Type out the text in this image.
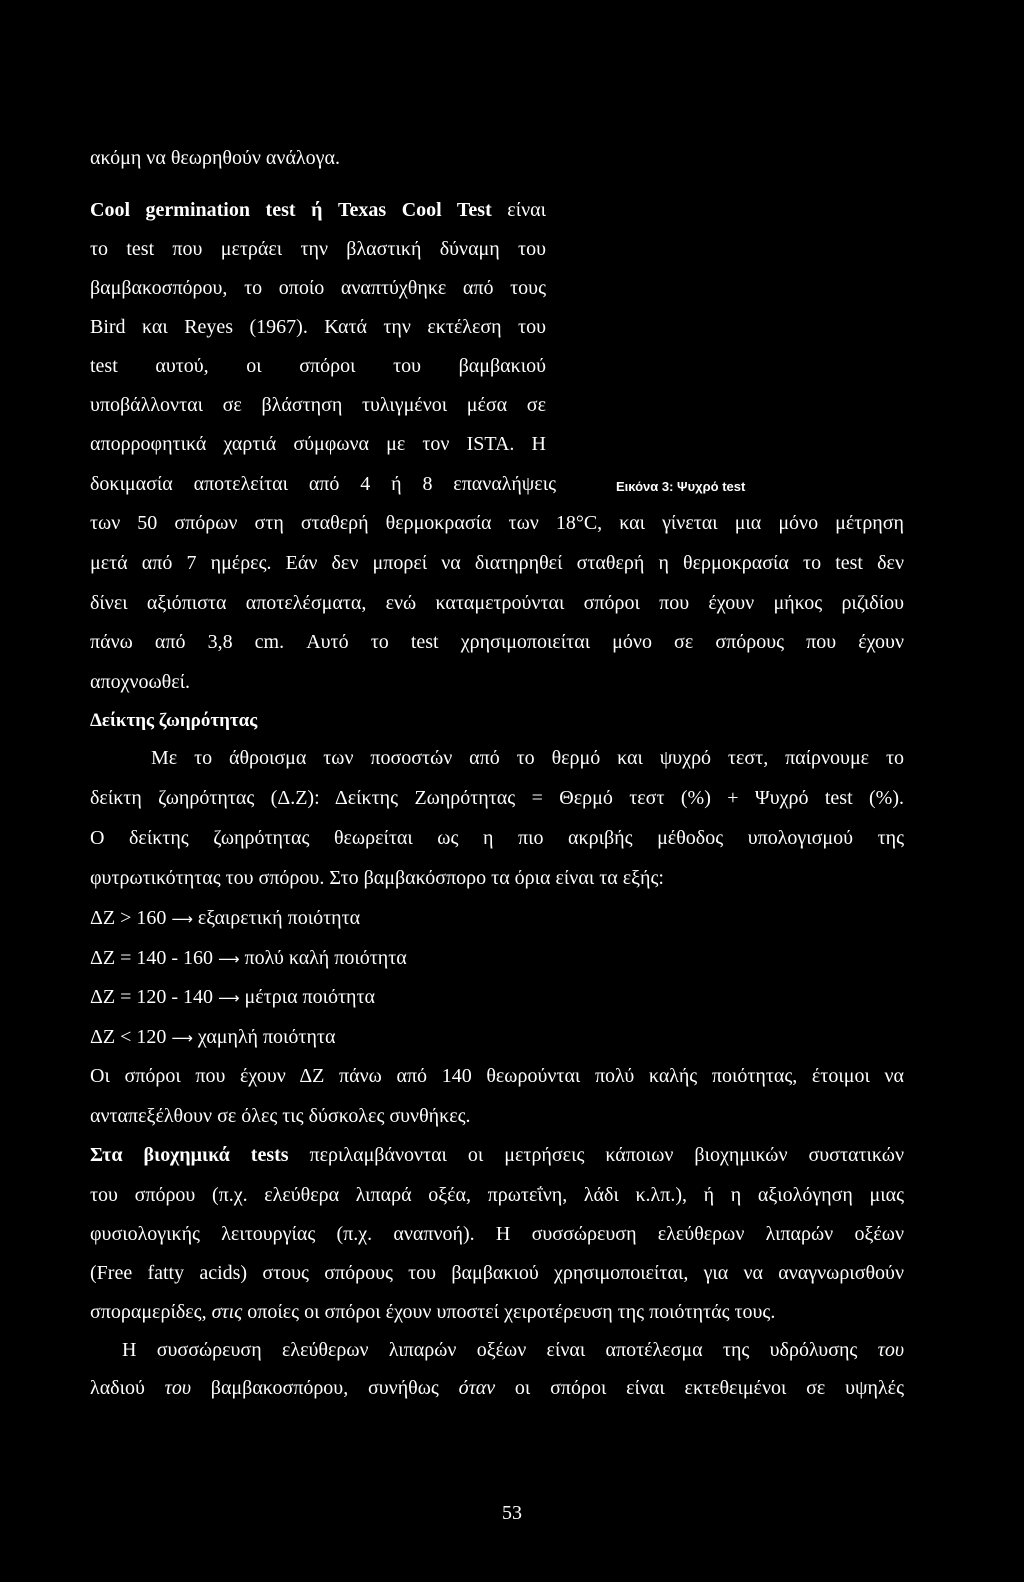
ακόμη να θεωρηθούν ανάλογα.
Cool germination test ή Texas Cool Test είναι
το test που μετράει την βλαστική δύναμη του
βαμβακοσπόρου, το οποίο αναπτύχθηκε από τους
Bird και Reyes (1967). Κατά την εκτέλεση του
test αυτού, οι σπόροι του βαμβακιού
υποβάλλονται σε βλάστηση τυλιγμένοι μέσα σε
απορροφητικά χαρτιά σύμφωνα με τον ISTA. Η
δοκιμασία αποτελείται από 4 ή 8 επαναλήψεις	Εικόνα 3: Ψυχρό test
των 50 σπόρων στη σταθερή θερμοκρασία των 18°C, και γίνεται μια μόνο μέτρηση
μετά από 7 ημέρες. Εάν δεν μπορεί να διατηρηθεί σταθερή η θερμοκρασία το test δεν
δίνει αξιόπιστα αποτελέσματα, ενώ καταμετρούνται σπόροι που έχουν μήκος ριζιδίου
πάνω από 3,8 cm. Αυτό το test χρησιμοποιείται μόνο σε σπόρους που έχουν
αποχνοωθεί.
Δείκτης ζωηρότητας
Με το άθροισμα των ποσοστών από το θερμό και ψυχρό τεστ, παίρνουμε το
δείκτη ζωηρότητας (Δ.Ζ): Δείκτης Ζωηρότητας = Θερμό τεστ (%) + Ψυχρό test (%).
Ο δείκτης ζωηρότητας θεωρείται ως η πιο ακριβής μέθοδος υπολογισμού της
φυτρωτικότητας του σπόρου. Στο βαμβακόσπορο τα όρια είναι τα εξής:
ΔΖ > 160 ⟶ εξαιρετική ποιότητα
ΔΖ = 140 - 160 ⟶ πολύ καλή ποιότητα
ΔΖ = 120 - 140 ⟶ μέτρια ποιότητα
ΔΖ < 120 ⟶ χαμηλή ποιότητα
Οι σπόροι που έχουν ΔΖ πάνω από 140 θεωρούνται πολύ καλής ποιότητας, έτοιμοι να
ανταπεξέλθουν σε όλες τις δύσκολες συνθήκες.
Στα βιοχημικά tests περιλαμβάνονται οι μετρήσεις κάποιων βιοχημικών συστατικών
του σπόρου (π.χ. ελεύθερα λιπαρά οξέα, πρωτεΐνη, λάδι κ.λπ.), ή η αξιολόγηση μιας
φυσιολογικής λειτουργίας (π.χ. αναπνοή). Η συσσώρευση ελεύθερων λιπαρών οξέων
(Free fatty acids) στους σπόρους του βαμβακιού χρησιμοποιείται, για να αναγνωρισθούν
σποραμερίδες, στις οποίες οι σπόροι έχουν υποστεί χειροτέρευση της ποιότητάς τους.
Η συσσώρευση ελεύθερων λιπαρών οξέων είναι αποτέλεσμα της υδρόλυσης του
λαδιού του βαμβακοσπόρου, συνήθως όταν οι σπόροι είναι εκτεθειμένοι σε υψηλές
53
